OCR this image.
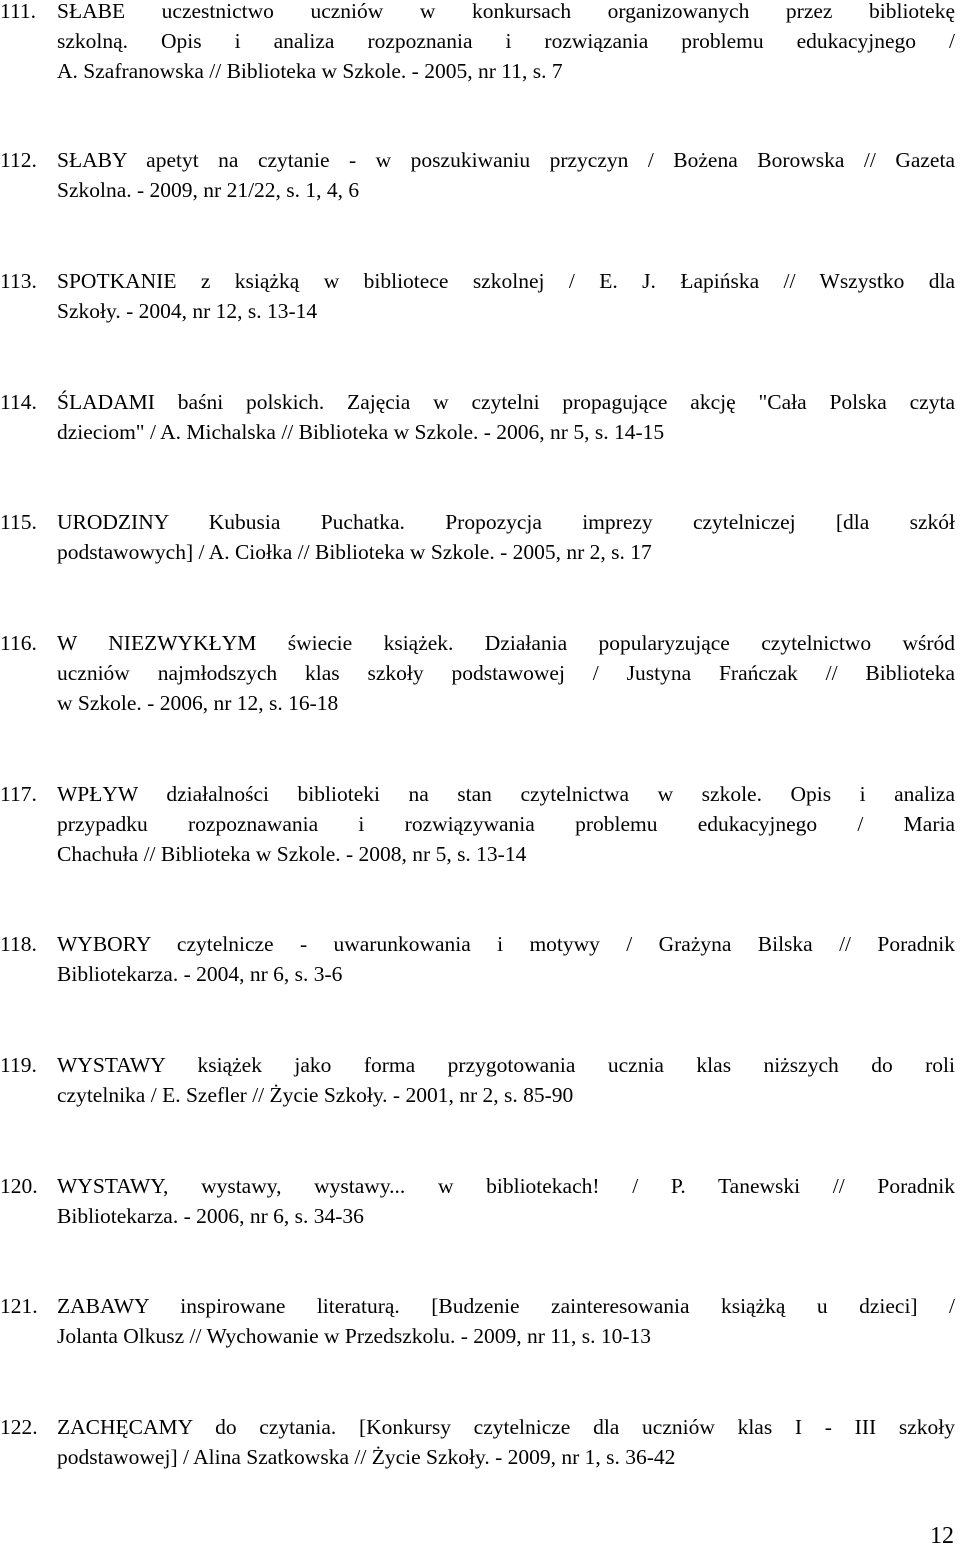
111. SŁABE uczestnictwo uczniów w konkursach organizowanych przez bibliotekę
szkolną. Opis i analiza rozpoznania i rozwiązania problemu edukacyjnego /
A. Szafranowska // Biblioteka w Szkole. - 2005, nr 11, s. 7
112. SŁABY apetyt na czytanie - w poszukiwaniu przyczyn / Bożena Borowska // Gazeta
Szkolna. - 2009, nr 21/22, s. 1, 4, 6
113. SPOTKANIE z książką w bibliotece szkolnej / E. J. Łapińska // Wszystko dla
Szkoły. - 2004, nr 12, s. 13-14
114. ŚLADAMI baśni polskich. Zajęcia w czytelni propagujące akcję "Cała Polska czyta
dzieciom" / A. Michalska // Biblioteka w Szkole. - 2006, nr 5, s. 14-15
115. URODZINY Kubusia Puchatka. Propozycja imprezy czytelniczej [dla szkół
podstawowych] / A. Ciołka // Biblioteka w Szkole. - 2005, nr 2, s. 17
116. W NIEZWYKŁYM świecie książek. Działania popularyzujące czytelnictwo wśród
uczniów najmłodszych klas szkoły podstawowej / Justyna Frańczak // Biblioteka
w Szkole. - 2006, nr 12, s. 16-18
117. WPŁYW działalności biblioteki na stan czytelnictwa w szkole. Opis i analiza
przypadku rozpoznawania i rozwiązywania problemu edukacyjnego / Maria
Chachuła // Biblioteka w Szkole. - 2008, nr 5, s. 13-14
118. WYBORY czytelnicze - uwarunkowania i motywy / Grażyna Bilska // Poradnik
Bibliotekarza. - 2004, nr 6, s. 3-6
119. WYSTAWY książek jako forma przygotowania ucznia klas niższych do roli
czytelnika / E. Szefler // Życie Szkoły. - 2001, nr 2, s. 85-90
120. WYSTAWY, wystawy, wystawy... w bibliotekach! / P. Tanewski // Poradnik
Bibliotekarza. - 2006, nr 6, s. 34-36
121. ZABAWY inspirowane literaturą. [Budzenie zainteresowania książką u dzieci] /
Jolanta Olkusz // Wychowanie w Przedszkolu. - 2009, nr 11, s. 10-13
122. ZACHĘCAMY do czytania. [Konkursy czytelnicze dla uczniów klas I - III szkoły
podstawowej] / Alina Szatkowska // Życie Szkoły. - 2009, nr 1, s. 36-42
12
